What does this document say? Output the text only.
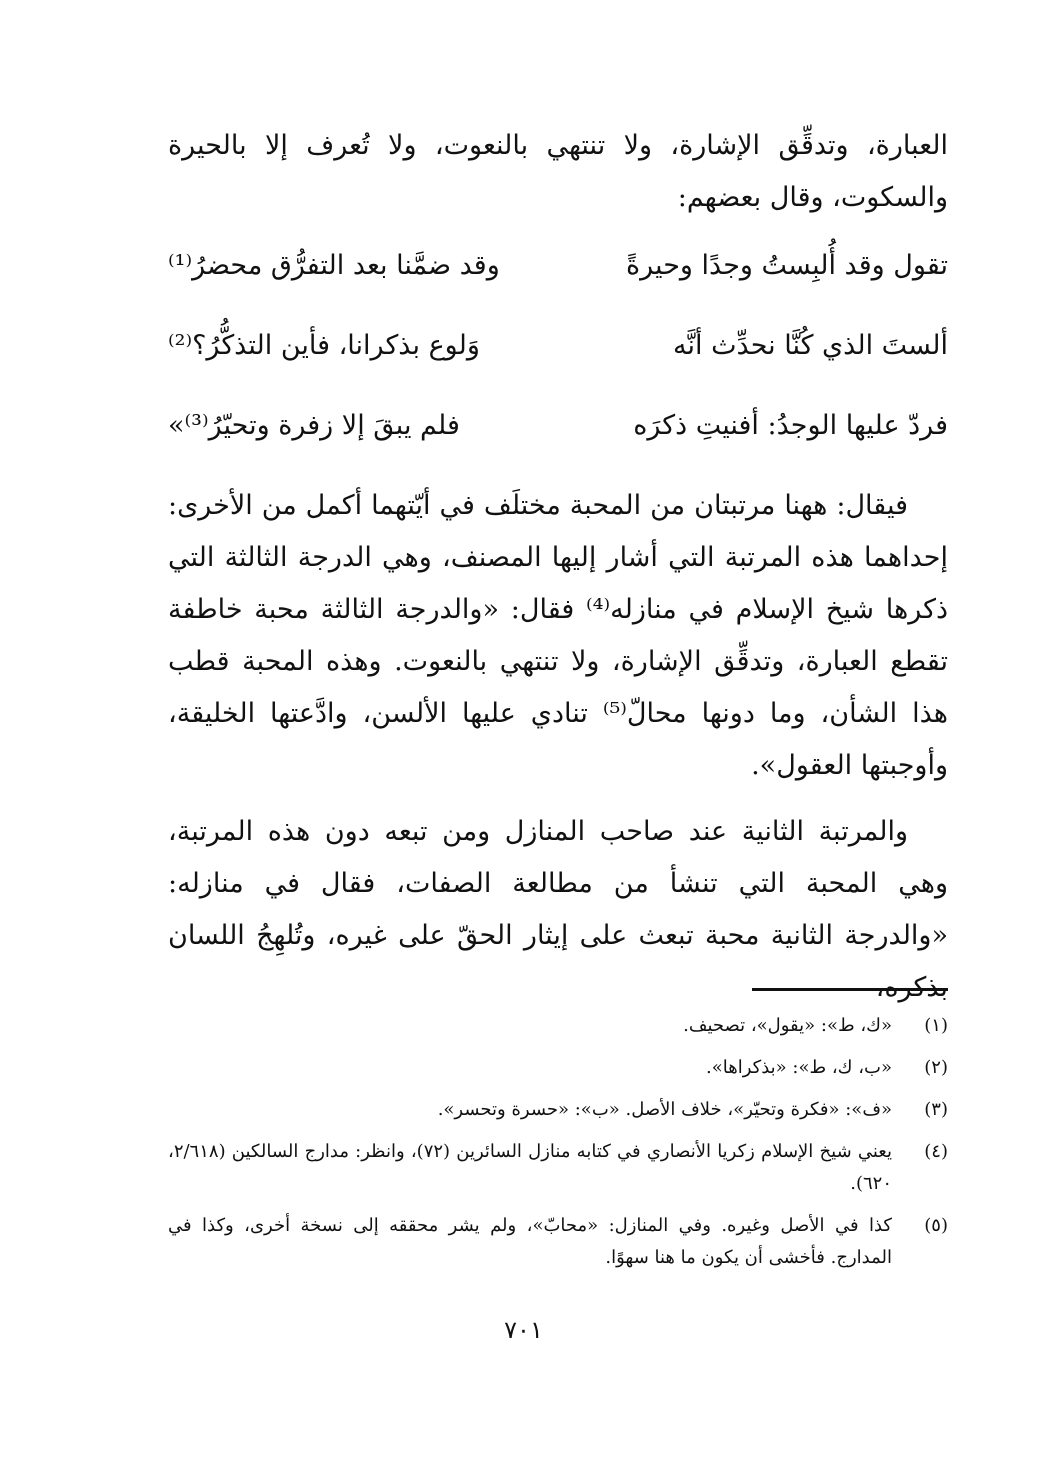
العبارة، وتدقِّق الإشارة، ولا تنتهي بالنعوت، ولا تُعرف إلا بالحيرة والسكوت، وقال بعضهم:
تقول وقد أُلبِستُ وجدًا وحيرةً
وقد ضمَّنا بعد التفرُّق محضرُ⁽¹⁾
ألستَ الذي كُنَّا نحدِّث أنَّه
وَلوع بذكرانا، فأين التذكُّرُ؟⁽²⁾
فردّ عليها الوجدُ: أفنيتِ ذكرَه
فلم يبقَ إلا زفرة وتحيّرُ⁽³⁾»
فيقال: ههنا مرتبتان من المحبة مختلَف في أيّتهما أكمل من الأخرى: إحداهما هذه المرتبة التي أشار إليها المصنف، وهي الدرجة الثالثة التي ذكرها شيخ الإسلام في منازله⁽⁴⁾ فقال: «والدرجة الثالثة محبة خاطفة تقطع العبارة، وتدقِّق الإشارة، ولا تنتهي بالنعوت. وهذه المحبة قطب هذا الشأن، وما دونها محالّ⁽⁵⁾ تنادي عليها الألسن، وادَّعتها الخليقة، وأوجبتها العقول».
والمرتبة الثانية عند صاحب المنازل ومن تبعه دون هذه المرتبة، وهي المحبة التي تنشأ من مطالعة الصفات، فقال في منازله: «والدرجة الثانية محبة تبعث على إيثار الحقّ على غيره، وتُلهِجُ اللسان بذكره،
(١)
«ك، ط»: «يقول»، تصحيف.
(٢)
«ب، ك، ط»: «بذكراها».
(٣)
«ف»: «فكرة وتحيّر»، خلاف الأصل. «ب»: «حسرة وتحسر».
(٤)
يعني شيخ الإسلام زكريا الأنصاري في كتابه منازل السائرين (٧٢)، وانظر: مدارج السالكين (٢/٦١٨، ٦٢٠).
(٥)
كذا في الأصل وغيره. وفي المنازل: «محابّ»، ولم يشر محققه إلى نسخة أخرى، وكذا في المدارج. فأخشى أن يكون ما هنا سهوًا.
٧٠١
